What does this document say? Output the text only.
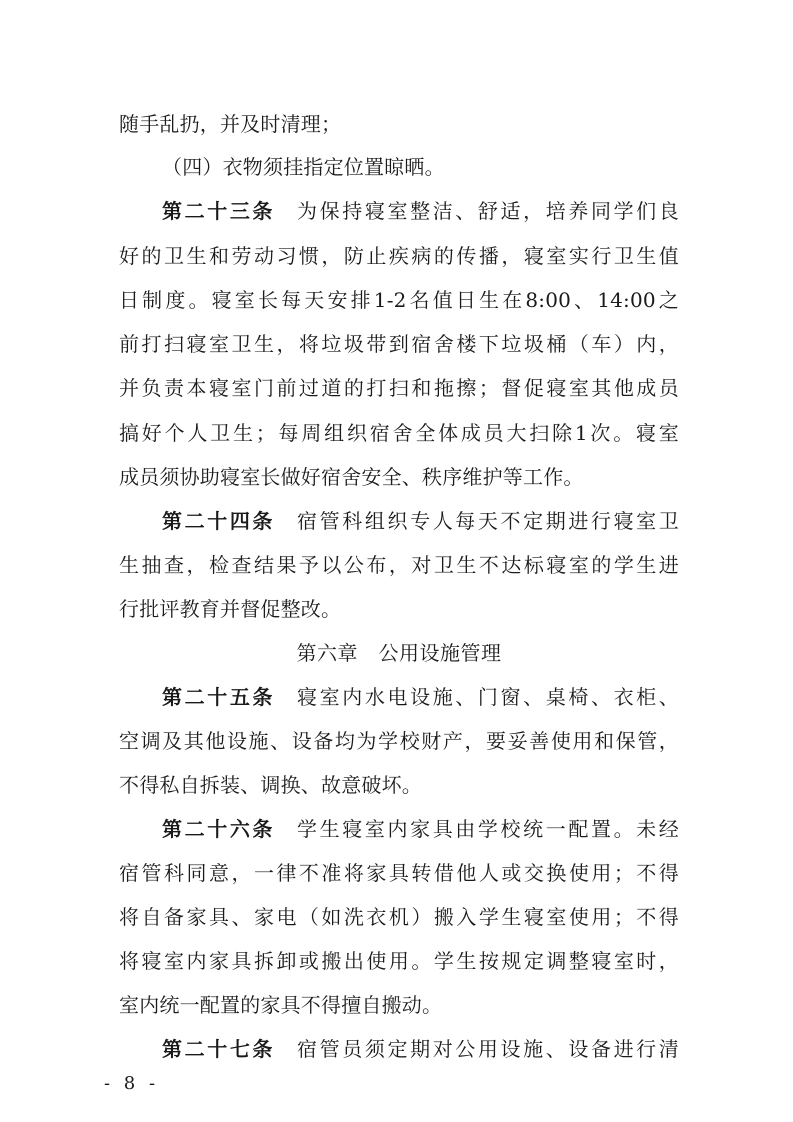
随手乱扔，并及时清理；
（四）衣物须挂指定位置晾晒。
第二十三条 为保持寝室整洁、舒适，培养同学们良
好的卫生和劳动习惯，防止疾病的传播，寝室实行卫生值
日制度。寝室长每天安排1-2名值日生在8:00、14:00之
前打扫寝室卫生，将垃圾带到宿舍楼下垃圾桶（车）内，
并负责本寝室门前过道的打扫和拖擦；督促寝室其他成员
搞好个人卫生；每周组织宿舍全体成员大扫除1次。寝室
成员须协助寝室长做好宿舍安全、秩序维护等工作。
第二十四条 宿管科组织专人每天不定期进行寝室卫
生抽查，检查结果予以公布，对卫生不达标寝室的学生进
行批评教育并督促整改。
第六章　公用设施管理
第二十五条 寝室内水电设施、门窗、桌椅、衣柜、
空调及其他设施、设备均为学校财产，要妥善使用和保管，
不得私自拆装、调换、故意破坏。
第二十六条 学生寝室内家具由学校统一配置。未经
宿管科同意，一律不准将家具转借他人或交换使用；不得
将自备家具、家电（如洗衣机）搬入学生寝室使用；不得
将寝室内家具拆卸或搬出使用。学生按规定调整寝室时，
室内统一配置的家具不得擅自搬动。
第二十七条 宿管员须定期对公用设施、设备进行清
- 8 -
